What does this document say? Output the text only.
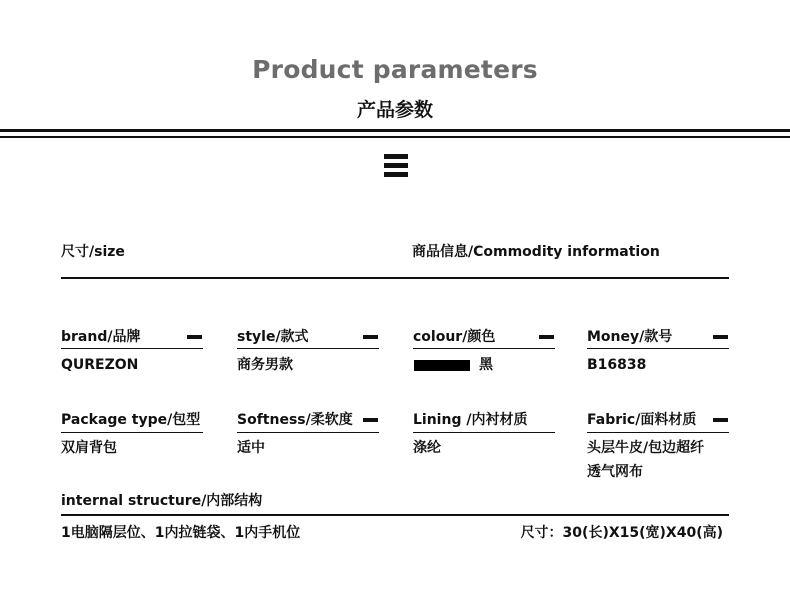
Product parameters
产品参数
尺寸/size	商品信息/Commodity information
brand/品牌
QUREZON
style/款式
商务男款
colour/颜色
黑
Money/款号
B16838
Package type/包型
双肩背包
Softness/柔软度
适中
Lining /内衬材质
涤纶
Fabric/面料材质
头层牛皮/包边超纤
透气网布
internal structure/内部结构
1电脑隔层位、1内拉链袋、1内手机位	尺寸：30(长)X15(宽)X40(高)
